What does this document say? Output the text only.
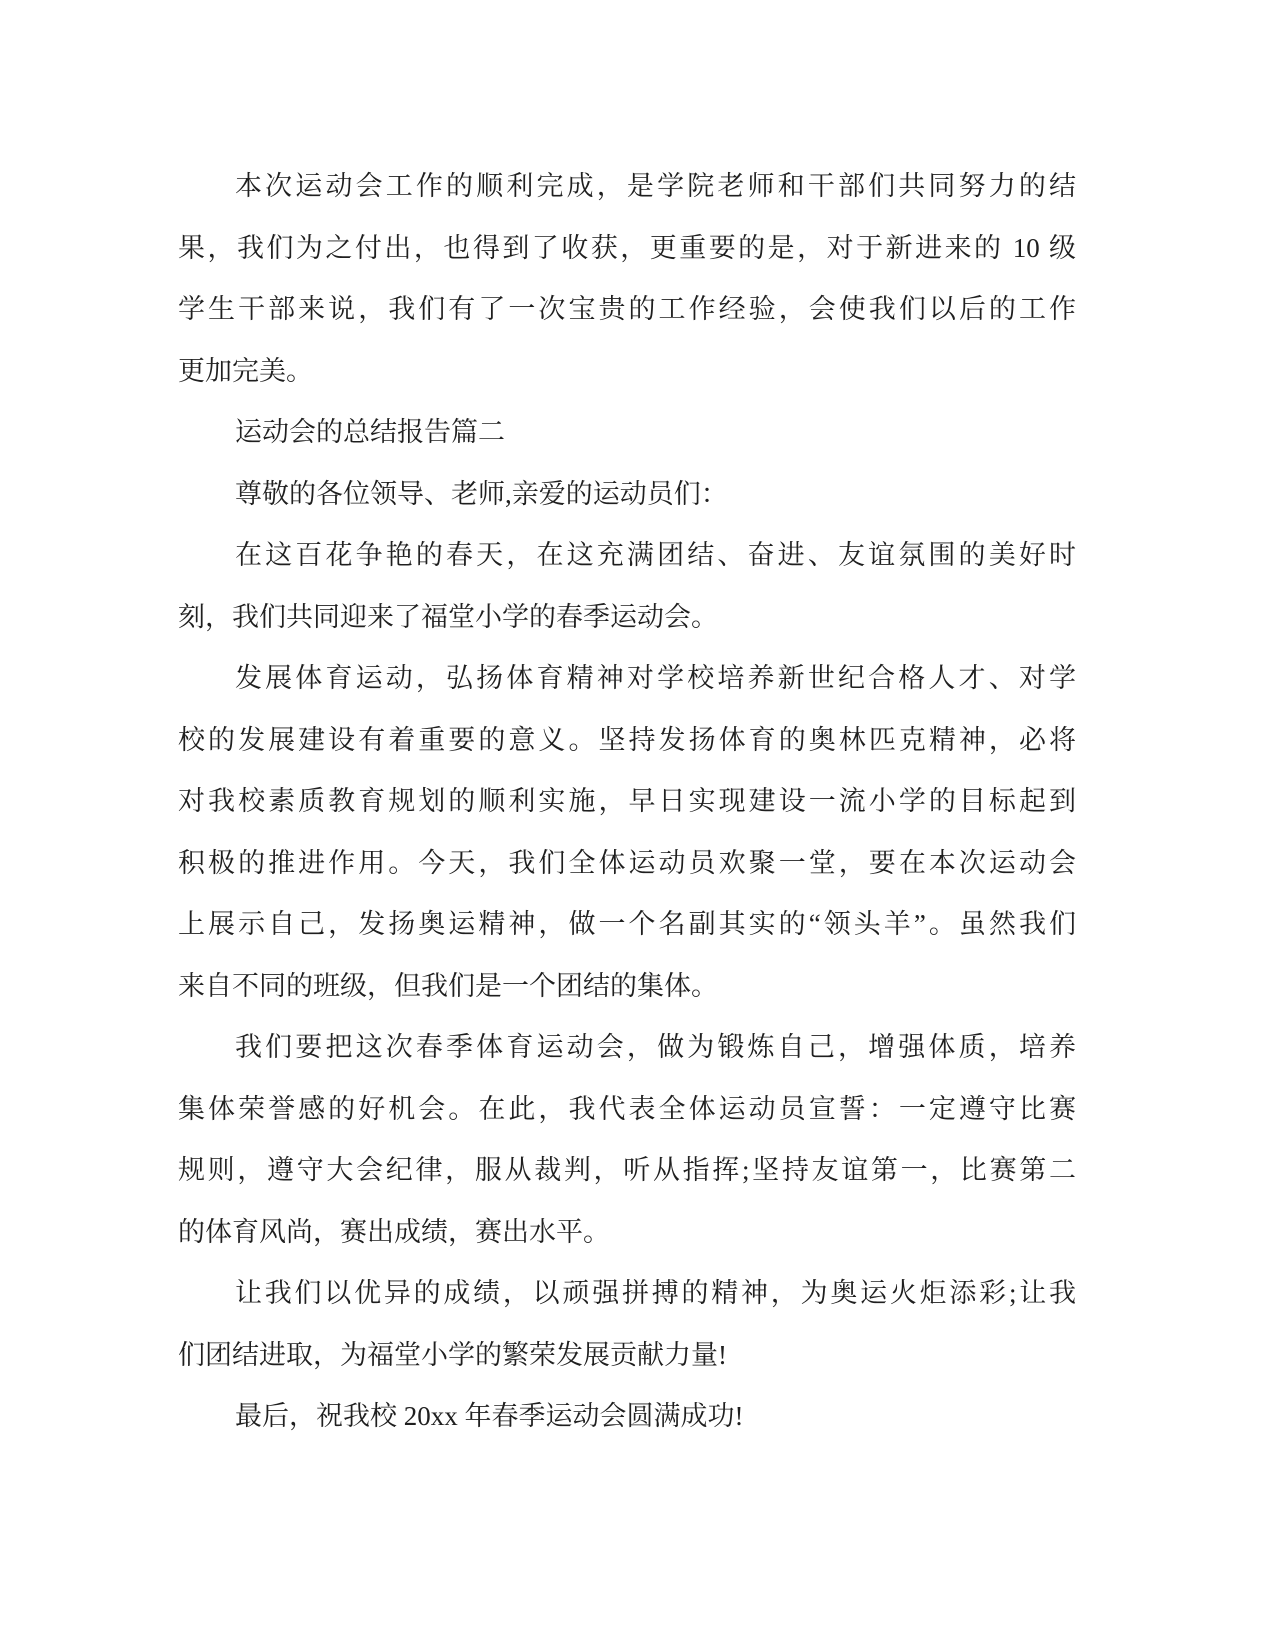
本次运动会工作的顺利完成，是学院老师和干部们共同努力的结
果，我们为之付出，也得到了收获，更重要的是，对于新进来的 10 级
学生干部来说，我们有了一次宝贵的工作经验，会使我们以后的工作
更加完美。
运动会的总结报告篇二
尊敬的各位领导、老师,亲爱的运动员们：
在这百花争艳的春天，在这充满团结、奋进、友谊氛围的美好时
刻，我们共同迎来了福堂小学的春季运动会。
发展体育运动，弘扬体育精神对学校培养新世纪合格人才、对学
校的发展建设有着重要的意义。坚持发扬体育的奥林匹克精神，必将
对我校素质教育规划的顺利实施，早日实现建设一流小学的目标起到
积极的推进作用。今天，我们全体运动员欢聚一堂，要在本次运动会
上展示自己，发扬奥运精神，做一个名副其实的“领头羊”。虽然我们
来自不同的班级，但我们是一个团结的集体。
我们要把这次春季体育运动会，做为锻炼自己，增强体质，培养
集体荣誉感的好机会。在此，我代表全体运动员宣誓：一定遵守比赛
规则，遵守大会纪律，服从裁判，听从指挥;坚持友谊第一，比赛第二
的体育风尚，赛出成绩，赛出水平。
让我们以优异的成绩，以顽强拼搏的精神，为奥运火炬添彩;让我
们团结进取，为福堂小学的繁荣发展贡献力量!
最后，祝我校 20xx 年春季运动会圆满成功!
